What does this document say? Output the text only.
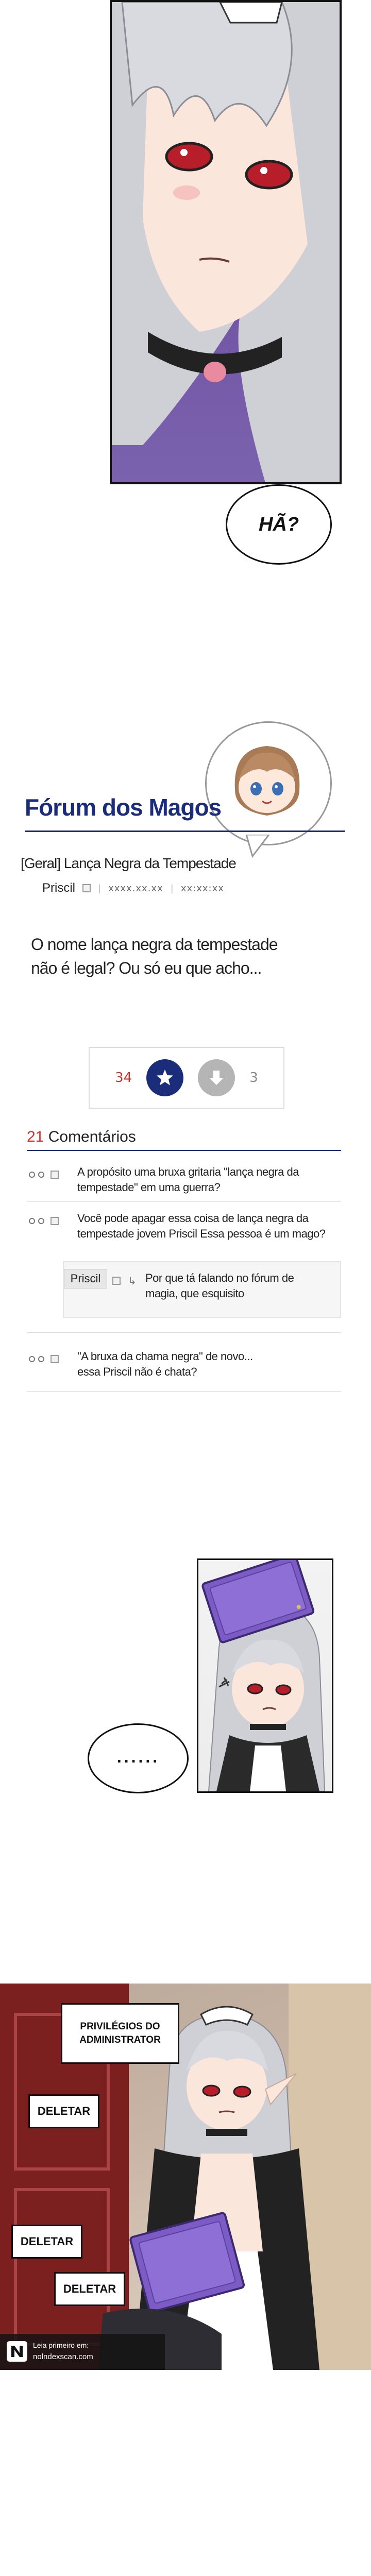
HÃ?
Fórum dos Magos
[Geral] Lança Negra da Tempestade
Priscil | xxxx.xx.xx | xx:xx:xx
O nome lança negra da tempestade
não é legal? Ou só eu que acho...
34	3
21 Comentários
A propósito uma bruxa gritaria "lança negra da
tempestade" em uma guerra?
Você pode apagar essa coisa de lança negra da
tempestade jovem Priscil Essa pessoa é um mago?
Priscil	↳ Por que tá falando no fórum de
magia, que esquisito
"A bruxa da chama negra" de novo...
essa Priscil não é chata?
......
PRIVILÉGIOS DO ADMINISTRATOR
DELETAR
DELETAR
DELETAR
Leia primeiro em:
nolndexscan.com
